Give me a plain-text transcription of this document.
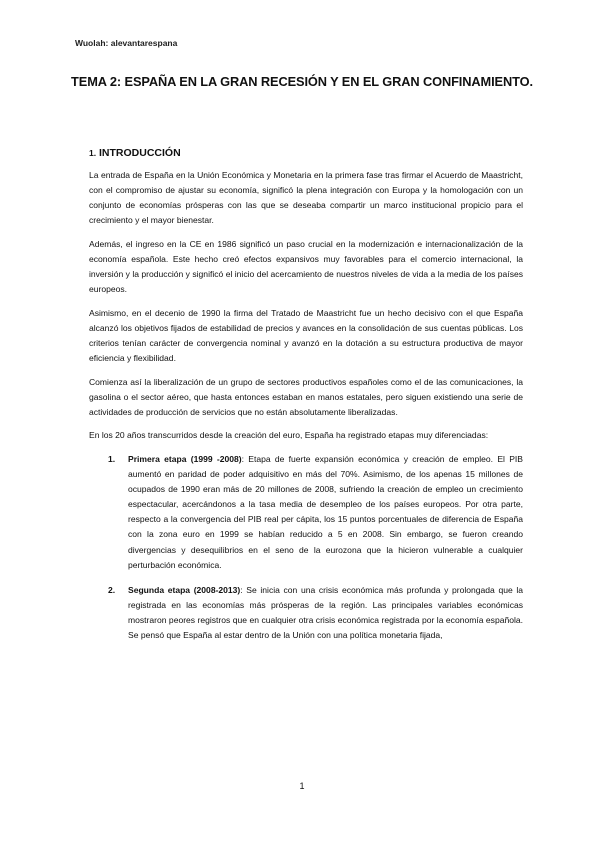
Wuolah: alevantarespana
TEMA 2: ESPAÑA EN LA GRAN RECESIÓN Y EN EL GRAN CONFINAMIENTO.
1. INTRODUCCIÓN

La entrada de España en la Unión Económica y Monetaria en la primera fase tras firmar el Acuerdo de Maastricht, con el compromiso de ajustar su economía, significó la plena integración con Europa y la homologación con un conjunto de economías prósperas con las que se deseaba compartir un marco institucional propicio para el crecimiento y el mayor bienestar.

Además, el ingreso en la CE en 1986 significó un paso crucial en la modernización e internacionalización de la economía española. Este hecho creó efectos expansivos muy favorables para el comercio internacional, la inversión y la producción y significó el inicio del acercamiento de nuestros niveles de vida a la media de los países europeos.

Asimismo, en el decenio de 1990 la firma del Tratado de Maastricht fue un hecho decisivo con el que España alcanzó los objetivos fijados de estabilidad de precios y avances en la consolidación de sus cuentas públicas. Los criterios tenían carácter de convergencia nominal y avanzó en la dotación a su estructura productiva de mayor eficiencia y flexibilidad.

Comienza así la liberalización de un grupo de sectores productivos españoles como el de las comunicaciones, la gasolina o el sector aéreo, que hasta entonces estaban en manos estatales, pero siguen existiendo una serie de actividades de producción de servicios que no están absolutamente liberalizadas.

En los 20 años transcurridos desde la creación del euro, España ha registrado etapas muy diferenciadas:

1. Primera etapa (1999 -2008): Etapa de fuerte expansión económica y creación de empleo. El PIB aumentó en paridad de poder adquisitivo en más del 70%. Asimismo, de los apenas 15 millones de ocupados de 1990 eran más de 20 millones de 2008, sufriendo la creación de empleo un crecimiento espectacular, acercándonos a la tasa media de desempleo de los países europeos. Por otra parte, respecto a la convergencia del PIB real per cápita, los 15 puntos porcentuales de diferencia de España con la zona euro en 1999 se habían reducido a 5 en 2008. Sin embargo, se fueron creando divergencias y desequilibrios en el seno de la eurozona que la hicieron vulnerable a cualquier perturbación económica.
2. Segunda etapa (2008-2013): Se inicia con una crisis económica más profunda y prolongada que la registrada en las economías más prósperas de la región. Las principales variables económicas mostraron peores registros que en cualquier otra crisis económica registrada por la economía española. Se pensó que España al estar dentro de la Unión con una política monetaria fijada,
1
